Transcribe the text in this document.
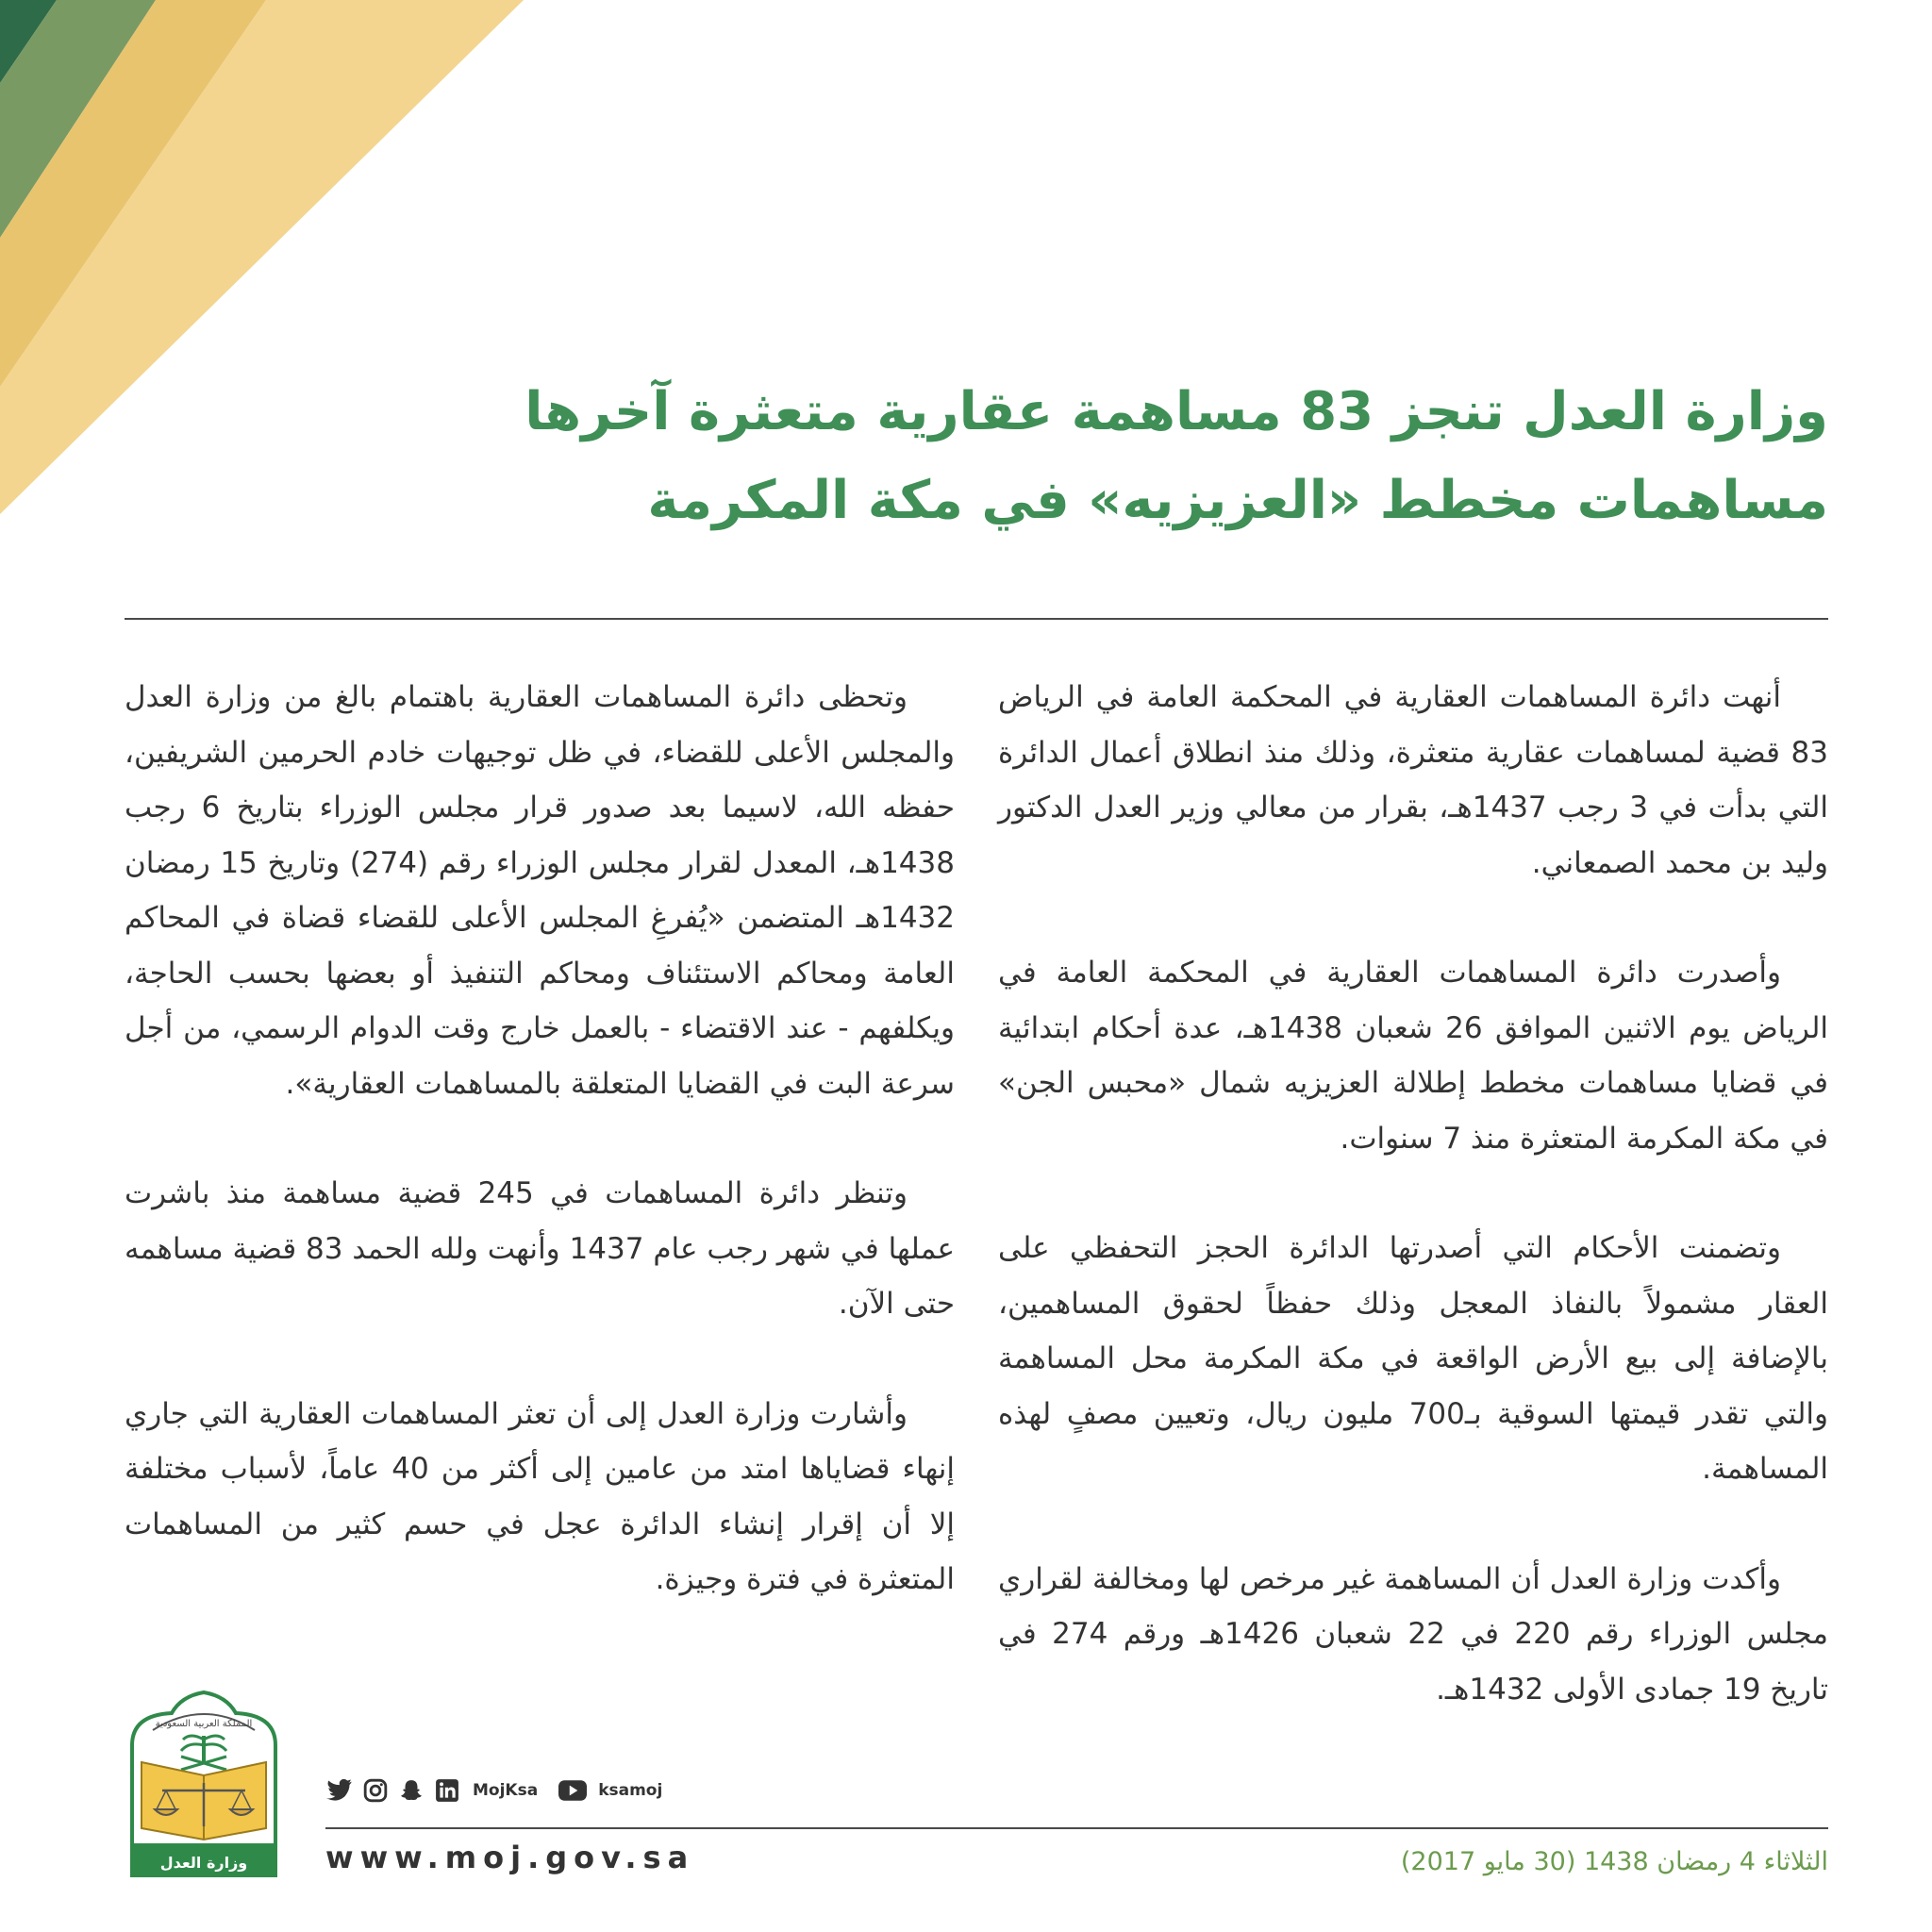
وزارة العدل تنجز 83 مساهمة عقارية متعثرة آخرها
مساهمات مخطط «العزيزيه» في مكة المكرمة

أنهت دائرة المساهمات العقارية في المحكمة العامة في الرياض 83 قضية لمساهمات عقارية متعثرة، وذلك منذ انطلاق أعمال الدائرة التي بدأت في 3 رجب 1437هـ، بقرار من معالي وزير العدل الدكتور وليد بن محمد الصمعاني.

وأصدرت دائرة المساهمات العقارية في المحكمة العامة في الرياض يوم الاثنين الموافق 26 شعبان 1438هـ، عدة أحكام ابتدائية في قضايا مساهمات مخطط إطلالة العزيزيه شمال «محبس الجن» في مكة المكرمة المتعثرة منذ 7 سنوات.

وتضمنت الأحكام التي أصدرتها الدائرة الحجز التحفظي على العقار مشمولاً بالنفاذ المعجل وذلك حفظاً لحقوق المساهمين، بالإضافة إلى بيع الأرض الواقعة في مكة المكرمة محل المساهمة والتي تقدر قيمتها السوقية بـ700 مليون ريال، وتعيين مصفٍ لهذه المساهمة.

وأكدت وزارة العدل أن المساهمة غير مرخص لها ومخالفة لقراري مجلس الوزراء رقم 220 في 22 شعبان 1426هـ ورقم 274 في تاريخ 19 جمادى الأولى 1432هـ.

وتحظى دائرة المساهمات العقارية باهتمام بالغ من وزارة العدل والمجلس الأعلى للقضاء، في ظل توجيهات خادم الحرمين الشريفين، حفظه الله، لاسيما بعد صدور قرار مجلس الوزراء بتاريخ 6 رجب 1438هـ، المعدل لقرار مجلس الوزراء رقم (274) وتاريخ 15 رمضان 1432هـ المتضمن «يُفرغِ المجلس الأعلى للقضاء قضاة في المحاكم العامة ومحاكم الاستئناف ومحاكم التنفيذ أو بعضها بحسب الحاجة، ويكلفهم - عند الاقتضاء - بالعمل خارج وقت الدوام الرسمي، من أجل سرعة البت في القضايا المتعلقة بالمساهمات العقارية».

وتنظر دائرة المساهمات في 245 قضية مساهمة منذ باشرت عملها في شهر رجب عام 1437 وأنهت ولله الحمد 83 قضية مساهمه حتى الآن.

وأشارت وزارة العدل إلى أن تعثر المساهمات العقارية التي جاري إنهاء قضاياها امتد من عامين إلى أكثر من 40 عاماً، لأسباب مختلفة إلا أن إقرار إنشاء الدائرة عجل في حسم كثير من المساهمات المتعثرة في فترة وجيزة.

المملكة العربية السعودية
وزارة العدل
MojKsa	ksamoj
www.moj.gov.sa	الثلاثاء 4 رمضان 1438 (30 مايو 2017)
